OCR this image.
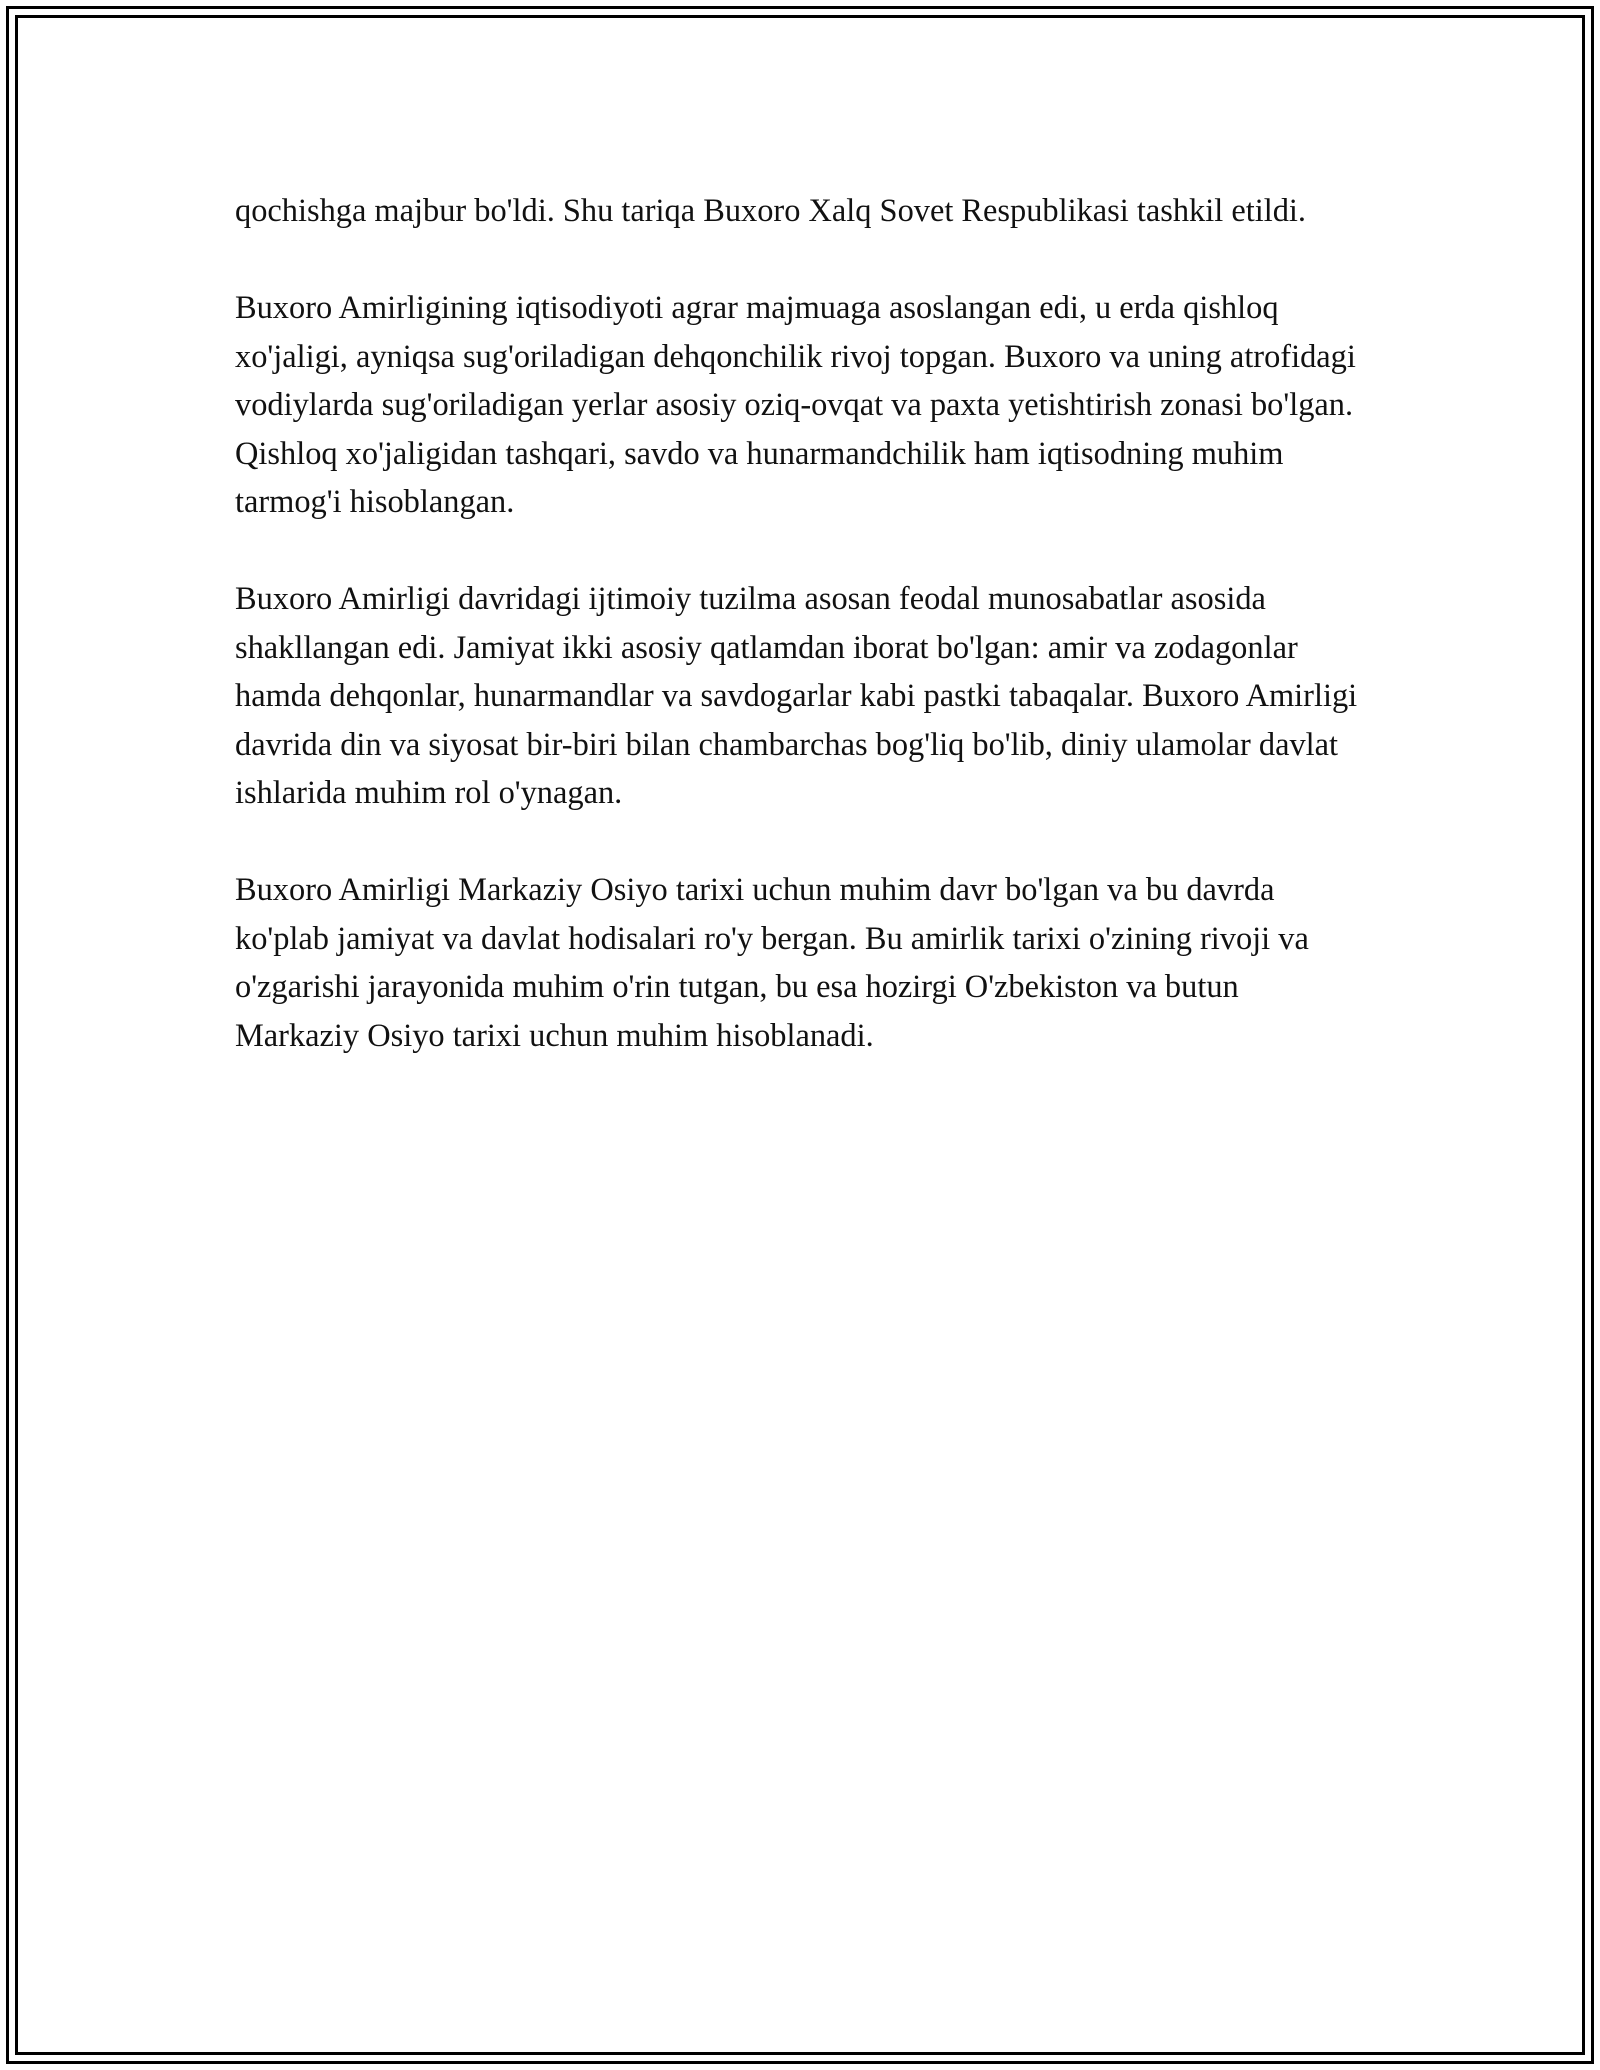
qochishga majbur bo'ldi. Shu tariqa Buxoro Xalq Sovet Respublikasi tashkil etildi.

Buxoro Amirligining iqtisodiyoti agrar majmuaga asoslangan edi, u erda qishloq xo'jaligi, ayniqsa sug'oriladigan dehqonchilik rivoj topgan. Buxoro va uning atrofidagi vodiylarda sug'oriladigan yerlar asosiy oziq-ovqat va paxta yetishtirish zonasi bo'lgan. Qishloq xo'jaligidan tashqari, savdo va hunarmandchilik ham iqtisodning muhim tarmog'i hisoblangan.

Buxoro Amirligi davridagi ijtimoiy tuzilma asosan feodal munosabatlar asosida shakllangan edi. Jamiyat ikki asosiy qatlamdan iborat bo'lgan: amir va zodagonlar hamda dehqonlar, hunarmandlar va savdogarlar kabi pastki tabaqalar. Buxoro Amirligi davrida din va siyosat bir-biri bilan chambarchas bog'liq bo'lib, diniy ulamolar davlat ishlarida muhim rol o'ynagan.

Buxoro Amirligi Markaziy Osiyo tarixi uchun muhim davr bo'lgan va bu davrda ko'plab jamiyat va davlat hodisalari ro'y bergan. Bu amirlik tarixi o'zining rivoji va o'zgarishi jarayonida muhim o'rin tutgan, bu esa hozirgi O'zbekiston va butun Markaziy Osiyo tarixi uchun muhim hisoblanadi.
